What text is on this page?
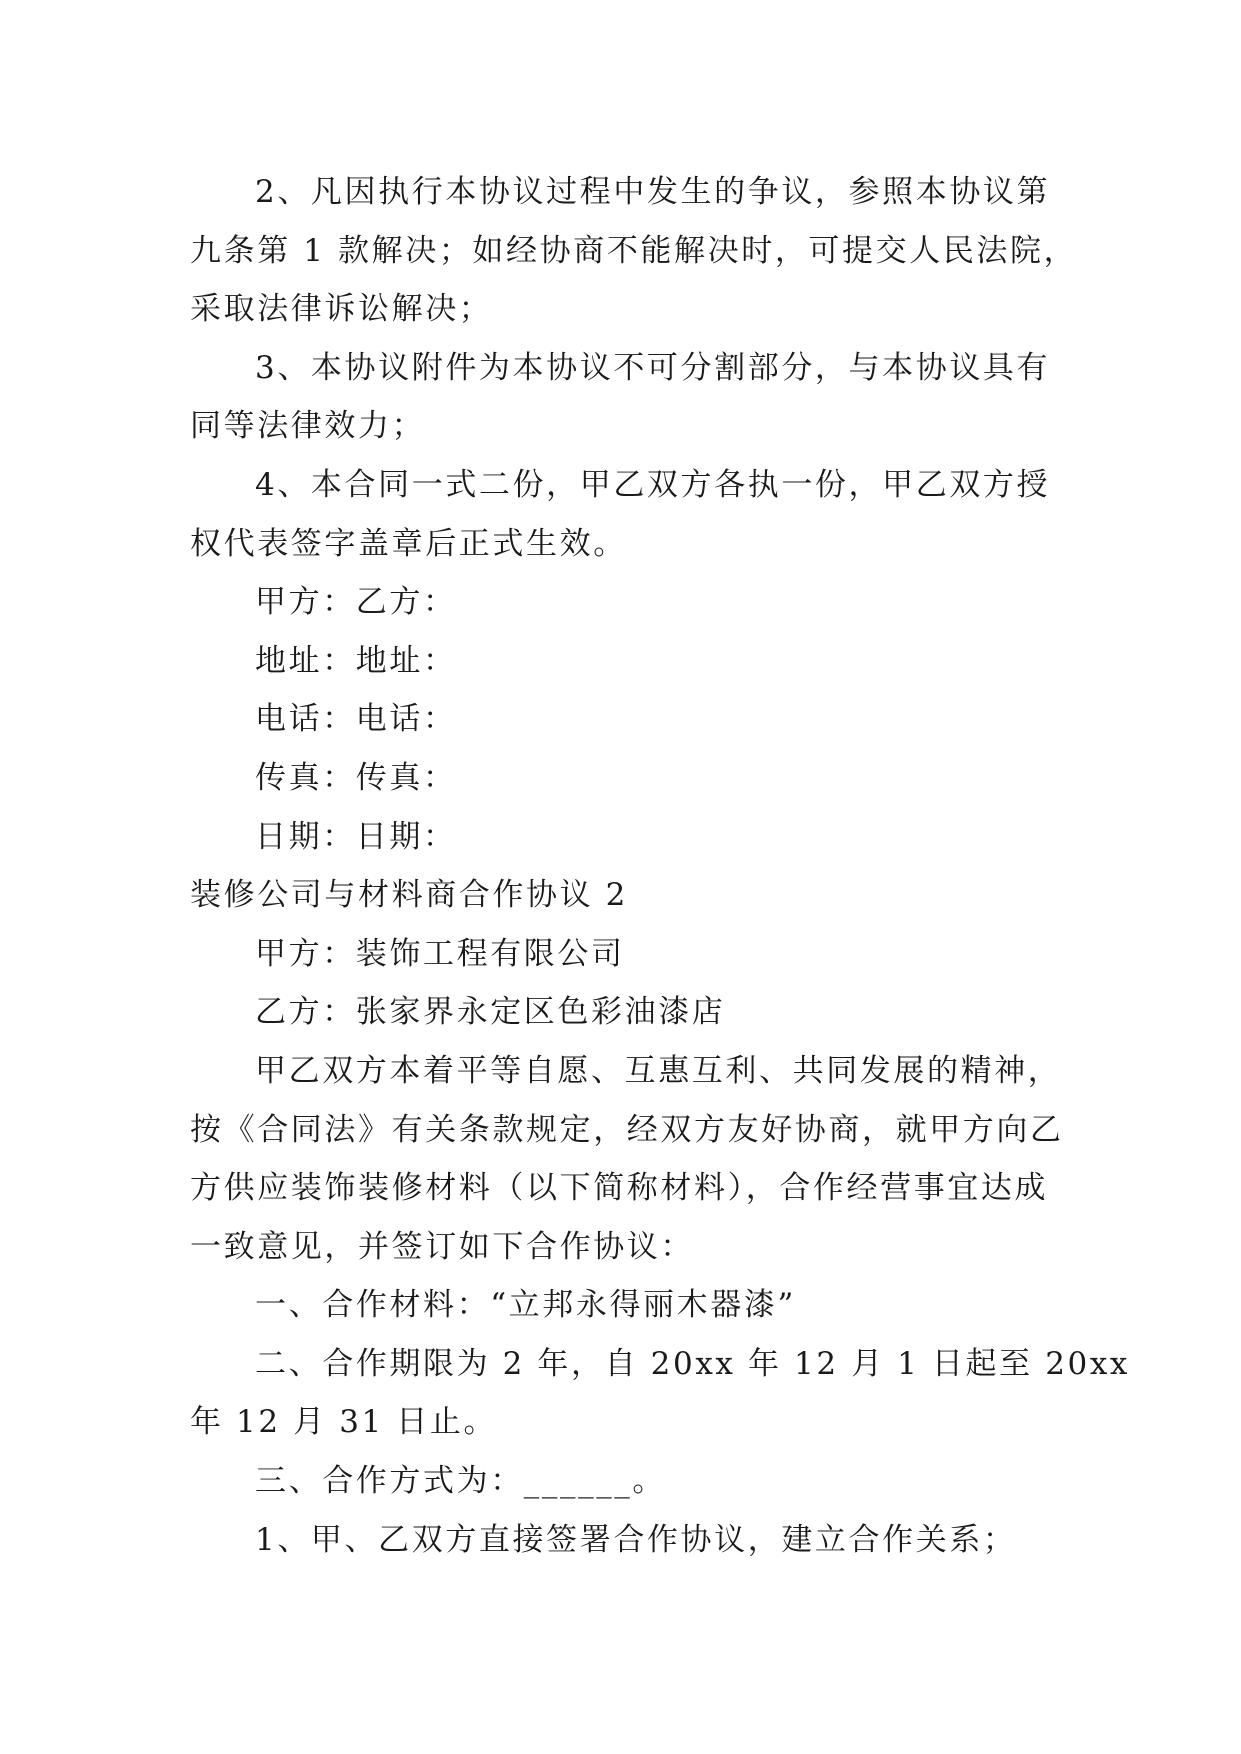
2、凡因执行本协议过程中发生的争议，参照本协议第

九条第 1 款解决；如经协商不能解决时，可提交人民法院，

采取法律诉讼解决；

3、本协议附件为本协议不可分割部分，与本协议具有

同等法律效力；

4、本合同一式二份，甲乙双方各执一份，甲乙双方授

权代表签字盖章后正式生效。

甲方：乙方：

地址：地址：

电话：电话：

传真：传真：

日期：日期：

装修公司与材料商合作协议 2

甲方：装饰工程有限公司

乙方：张家界永定区色彩油漆店

甲乙双方本着平等自愿、互惠互利、共同发展的精神，

按《合同法》有关条款规定，经双方友好协商，就甲方向乙

方供应装饰装修材料（以下简称材料），合作经营事宜达成

一致意见，并签订如下合作协议：

一、合作材料：“立邦永得丽木器漆”

二、合作期限为 2 年，自 20xx 年 12 月 1 日起至 20xx

年 12 月 31 日止。

三、合作方式为：______。

1、甲、乙双方直接签署合作协议，建立合作关系；
